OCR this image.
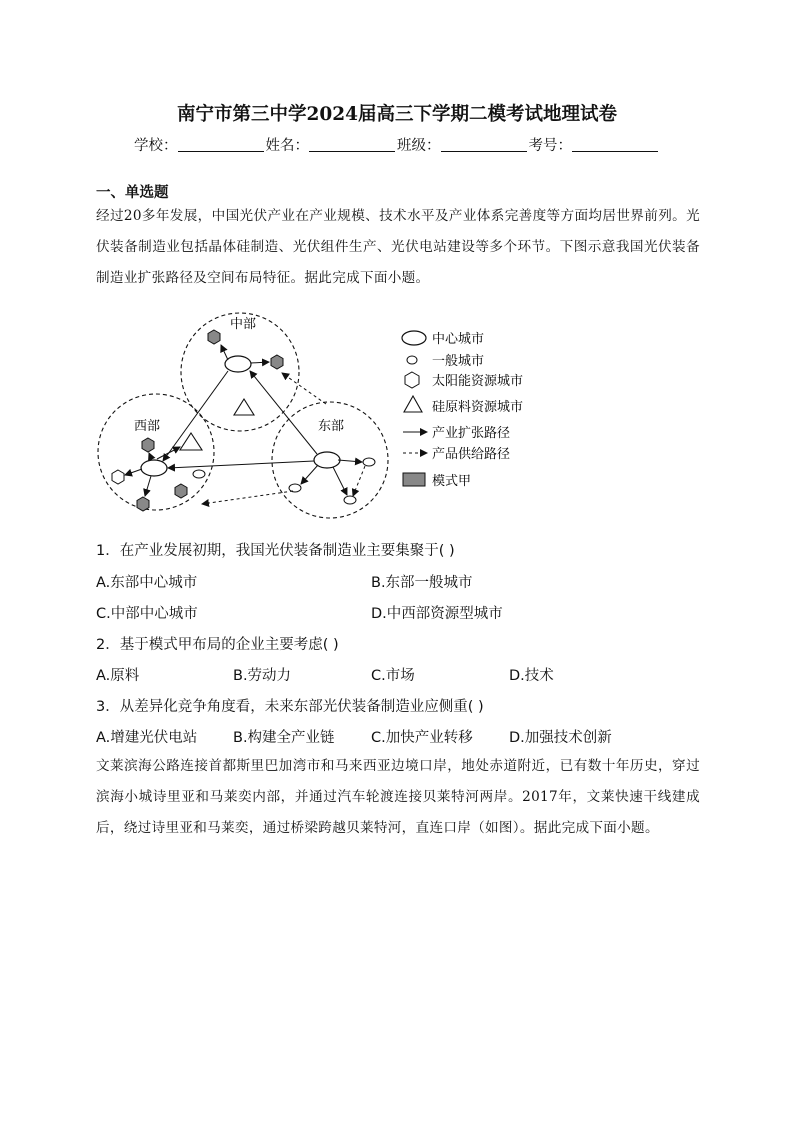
南宁市第三中学2024届高三下学期二模考试地理试卷
学校：	姓名：	班级：	考号：
一、单选题
经过20多年发展，中国光伏产业在产业规模、技术水平及产业体系完善度等方面均居世界前列。光伏装备制造业包括晶体硅制造、光伏组件生产、光伏电站建设等多个环节。下图示意我国光伏装备制造业扩张路径及空间布局特征。据此完成下面小题。
中部
西部	东部
中心城市
一般城市
太阳能资源城市
硅原料资源城市
产业扩张路径
产品供给路径
模式甲
1．在产业发展初期，我国光伏装备制造业主要集聚于( )
A.东部中心城市	B.东部一般城市
C.中部中心城市	D.中西部资源型城市
2．基于模式甲布局的企业主要考虑( )
A.原料	B.劳动力	C.市场	D.技术
3．从差异化竞争角度看，未来东部光伏装备制造业应侧重( )
A.增建光伏电站 B.构建全产业链	C.加快产业转移	D.加强技术创新
文莱滨海公路连接首都斯里巴加湾市和马来西亚边境口岸，地处赤道附近，已有数十年历史，穿过滨海小城诗里亚和马莱奕内部，并通过汽车轮渡连接贝莱特河两岸。2017年，文莱快速干线建成后，绕过诗里亚和马莱奕，通过桥梁跨越贝莱特河，直连口岸（如图）。据此完成下面小题。
